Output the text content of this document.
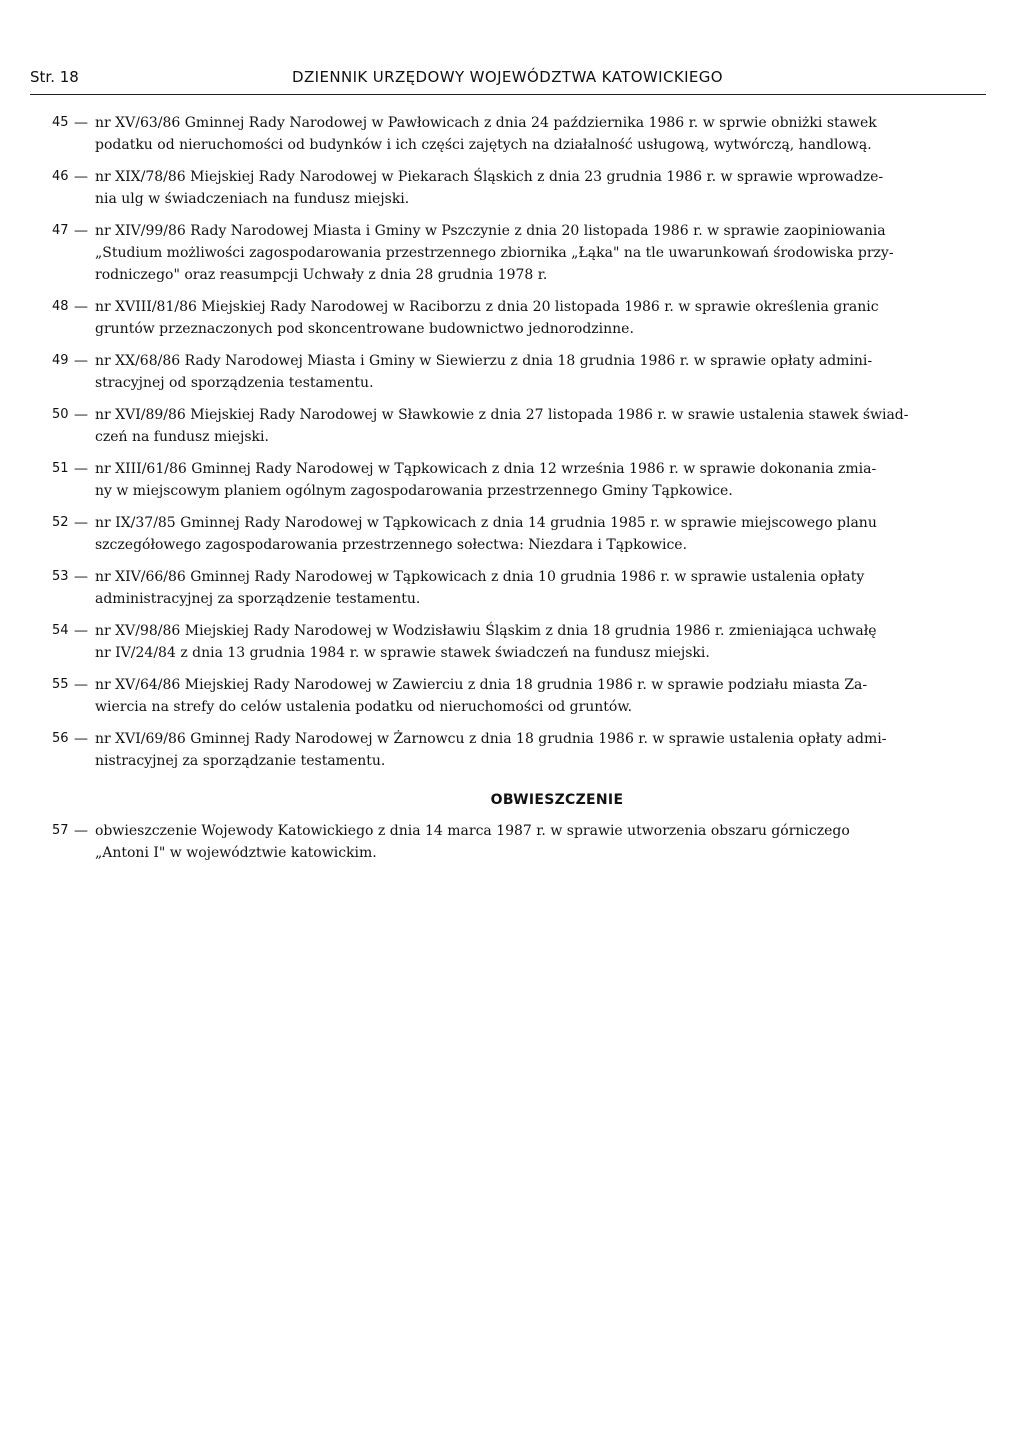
Str. 18	DZIENNIK URZĘDOWY WOJEWÓDZTWA KATOWICKIEGO
45 — nr XV/63/86 Gminnej Rady Narodowej w Pawłowicach z dnia 24 października 1986 r. w sprwie obniżki stawek
podatku od nieruchomości od budynków i ich części zajętych na działalność usługową, wytwórczą, handlową.
46 — nr XIX/78/86 Miejskiej Rady Narodowej w Piekarach Śląskich z dnia 23 grudnia 1986 r. w sprawie wprowadze-
nia ulg w świadczeniach na fundusz miejski.
47 — nr XIV/99/86 Rady Narodowej Miasta i Gminy w Pszczynie z dnia 20 listopada 1986 r. w sprawie zaopiniowania
„Studium możliwości zagospodarowania przestrzennego zbiornika „Łąka" na tle uwarunkowań środowiska przy-
rodniczego" oraz reasumpcji Uchwały z dnia 28 grudnia 1978 r.
48 — nr XVIII/81/86 Miejskiej Rady Narodowej w Raciborzu z dnia 20 listopada 1986 r. w sprawie określenia granic
gruntów przeznaczonych pod skoncentrowane budownictwo jednorodzinne.
49 — nr XX/68/86 Rady Narodowej Miasta i Gminy w Siewierzu z dnia 18 grudnia 1986 r. w sprawie opłaty admini-
stracyjnej od sporządzenia testamentu.
50 — nr XVI/89/86 Miejskiej Rady Narodowej w Sławkowie z dnia 27 listopada 1986 r. w srawie ustalenia stawek świad-
czeń na fundusz miejski.
51 — nr XIII/61/86 Gminnej Rady Narodowej w Tąpkowicach z dnia 12 września 1986 r. w sprawie dokonania zmia-
ny w miejscowym planiem ogólnym zagospodarowania przestrzennego Gminy Tąpkowice.
52 — nr IX/37/85 Gminnej Rady Narodowej w Tąpkowicach z dnia 14 grudnia 1985 r. w sprawie miejscowego planu
szczegółowego zagospodarowania przestrzennego sołectwa: Niezdara i Tąpkowice.
53 — nr XIV/66/86 Gminnej Rady Narodowej w Tąpkowicach z dnia 10 grudnia 1986 r. w sprawie ustalenia opłaty
administracyjnej za sporządzenie testamentu.
54 — nr XV/98/86 Miejskiej Rady Narodowej w Wodzisławiu Śląskim z dnia 18 grudnia 1986 r. zmieniająca uchwałę
nr IV/24/84 z dnia 13 grudnia 1984 r. w sprawie stawek świadczeń na fundusz miejski.
55 — nr XV/64/86 Miejskiej Rady Narodowej w Zawierciu z dnia 18 grudnia 1986 r. w sprawie podziału miasta Za-
wiercia na strefy do celów ustalenia podatku od nieruchomości od gruntów.
56 — nr XVI/69/86 Gminnej Rady Narodowej w Żarnowcu z dnia 18 grudnia 1986 r. w sprawie ustalenia opłaty admi-
nistracyjnej za sporządzanie testamentu.
OBWIESZCZENIE
57 — obwieszczenie Wojewody Katowickiego z dnia 14 marca 1987 r. w sprawie utworzenia obszaru górniczego
„Antoni I" w województwie katowickim.
